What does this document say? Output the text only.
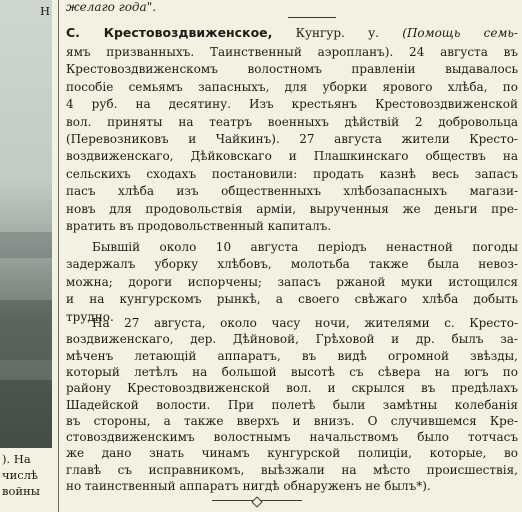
Н
). На
числѣ
войны
желаго года".
С. Крестовоздвиженское, Кунгур. у. (Помощь семь-
ямъ призванныхъ. Таинственный аэропланъ). 24 августа въ
Крестовоздвиженскомъ волостномъ правленіи выдавалось
пособіе семьямъ запасныхъ, для уборки ярового хлѣба, по
4 руб. на десятину. Изъ крестьянъ Крестовоздвиженской
вол. приняты на театръ военныхъ дѣйствій 2 добровольца
(Перевозниковъ и Чайкинъ). 27 августа жители Кресто-
воздвиженскаго, Дѣйковскаго и Плашкинскаго обществъ на
сельскихъ сходахъ постановили: продать казнѣ весь запасъ
пасъ хлѣба изъ общественныхъ хлѣбозапасныхъ магази-
новъ для продовольствія арміи, вырученныя же деньги пре-
вратить въ продовольственный капиталъ.
Бывшій около 10 августа періодъ ненастной погоды
задержалъ уборку хлѣбовъ, молотьба также была невоз-
можна; дороги испорчены; запасъ ржаной муки истощился
и на кунгурскомъ рынкѣ, а своего свѣжаго хлѣба добыть
трудно.
На 27 августа, около часу ночи, жителями с. Кресто-
воздвиженскаго, дер. Дѣйновой, Грѣховой и др. былъ за-
мѣченъ летающій аппаратъ, въ видѣ огромной звѣзды,
который летѣлъ на большой высотѣ съ сѣвера на югъ по
району Крестовоздвиженской вол. и скрылся въ предѣлахъ
Шадейской волости. При полетѣ были замѣтны колебанія
въ стороны, а также вверхъ и внизъ. О случившемся Кре-
стовоздвиженскимъ волостнымъ начальствомъ было тотчасъ
же дано знать чинамъ кунгурской полиціи, которые, во
главѣ съ исправникомъ, выѣзжали на мѣсто происшествія,
но таинственный аппаратъ нигдѣ обнаруженъ не былъ*).
